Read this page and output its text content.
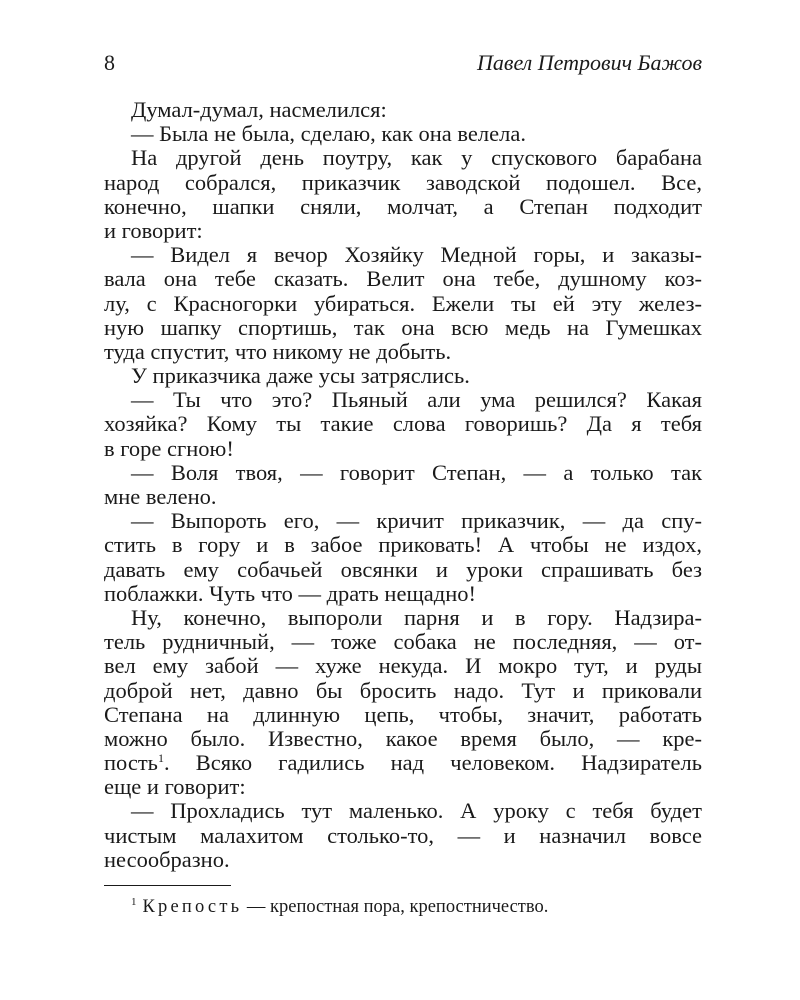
8	Павел Петрович Бажов
Думал-думал, насмелился:
— Была не была, сделаю, как она велела.
На другой день поутру, как у спускового барабана
народ собрался, приказчик заводской подошел. Все,
конечно, шапки сняли, молчат, а Степан подходит
и говорит:
— Видел я вечор Хозяйку Медной горы, и заказы-
вала она тебе сказать. Велит она тебе, душному коз-
лу, с Красногорки убираться. Ежели ты ей эту желез-
ную шапку спортишь, так она всю медь на Гумешках
туда спустит, что никому не добыть.
У приказчика даже усы затряслись.
— Ты что это? Пьяный али ума решился? Какая
хозяйка? Кому ты такие слова говоришь? Да я тебя
в горе сгною!
— Воля твоя, — говорит Степан, — а только так
мне велено.
— Выпороть его, — кричит приказчик, — да спу-
стить в гору и в забое приковать! А чтобы не издох,
давать ему собачьей овсянки и уроки спрашивать без
поблажки. Чуть что — драть нещадно!
Ну, конечно, выпороли парня и в гору. Надзира-
тель рудничный, — тоже собака не последняя, — от-
вел ему забой — хуже некуда. И мокро тут, и руды
доброй нет, давно бы бросить надо. Тут и приковали
Степана на длинную цепь, чтобы, значит, работать
можно было. Известно, какое время было, — кре-
пость$^1$. Всяко гадились над человеком. Надзиратель
еще и говорит:
— Прохладись тут маленько. А уроку с тебя будет
чистым малахитом столько-то, — и назначил вовсе
несообразно.
$^1$ Крепость — крепостная пора, крепостничество.
